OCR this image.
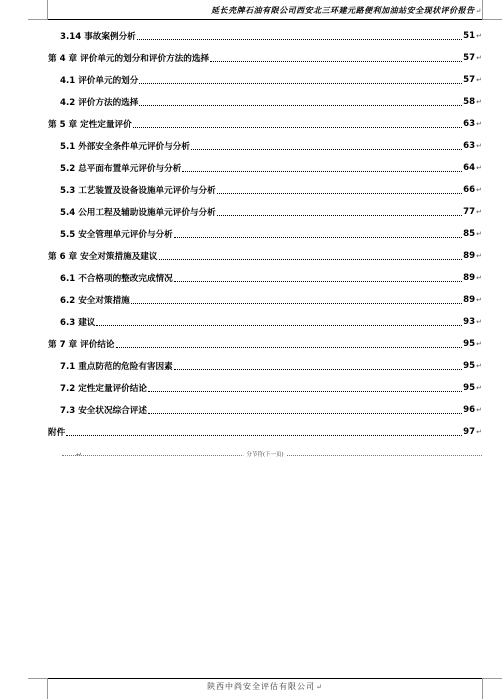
延长壳牌石油有限公司西安北三环建元路便利加油站安全现状评价报告↵
3.14 事故案例分析	51 ↵
第 4 章 评价单元的划分和评价方法的选择	57 ↵
4.1 评价单元的划分	57 ↵
4.2 评价方法的选择	58 ↵
第 5 章 定性定量评价	63 ↵
5.1 外部安全条件单元评价与分析	63 ↵
5.2 总平面布置单元评价与分析	64 ↵
5.3 工艺装置及设备设施单元评价与分析	66 ↵
5.4 公用工程及辅助设施单元评价与分析	77 ↵
5.5 安全管理单元评价与分析	85 ↵
第 6 章 安全对策措施及建议	89 ↵
6.1 不合格项的整改完成情况	89 ↵
6.2 安全对策措施	89 ↵
6.3 建议	93 ↵
第 7 章 评价结论	95 ↵
7.1 重点防范的危险有害因素	95 ↵
7.2 定性定量评价结论	95 ↵
7.3 安全状况综合评述	96 ↵
附件	97 ↵
↵	分节符(下一页)
陕西中尚安全评估有限公司↵
